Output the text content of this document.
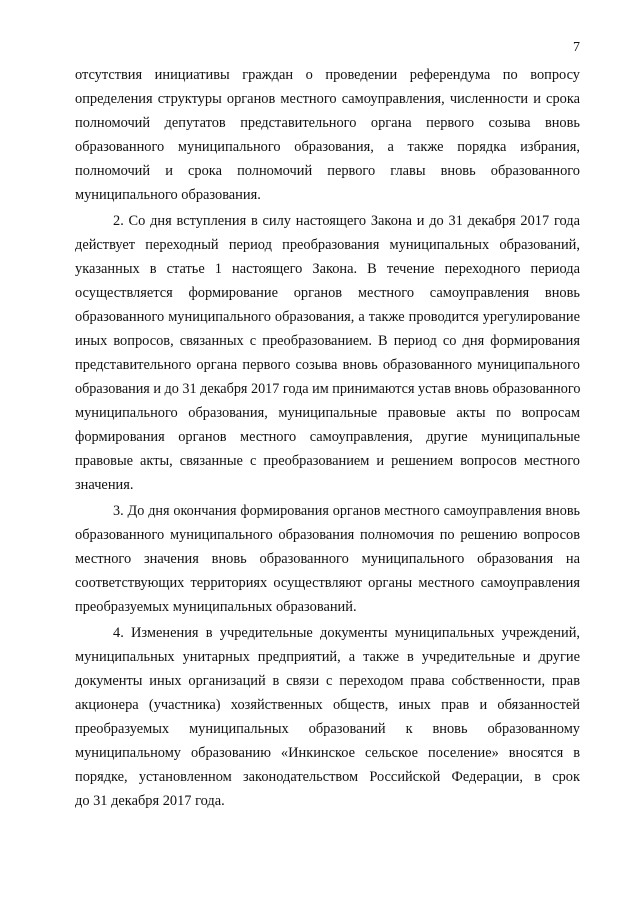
7
отсутствия инициативы граждан о проведении референдума по вопросу
определения структуры органов местного самоуправления, численности и срока
полномочий депутатов представительного органа первого созыва вновь
образованного муниципального образования, а также порядка избрания,
полномочий и срока полномочий первого главы вновь образованного
муниципального образования.
2. Со дня вступления в силу настоящего Закона и до 31 декабря 2017 года
действует переходный период преобразования муниципальных образований,
указанных в статье 1 настоящего Закона. В течение переходного периода
осуществляется формирование органов местного самоуправления вновь
образованного муниципального образования, а также проводится урегулирование
иных вопросов, связанных с преобразованием. В период со дня формирования
представительного органа первого созыва вновь образованного муниципального
образования и до 31 декабря 2017 года им принимаются устав вновь образованного
муниципального образования, муниципальные правовые акты по вопросам
формирования органов местного самоуправления, другие муниципальные
правовые акты, связанные с преобразованием и решением вопросов местного
значения.
3. До дня окончания формирования органов местного самоуправления вновь
образованного муниципального образования полномочия по решению вопросов
местного значения вновь образованного муниципального образования на
соответствующих территориях осуществляют органы местного самоуправления
преобразуемых муниципальных образований.
4. Изменения в учредительные документы муниципальных учреждений,
муниципальных унитарных предприятий, а также в учредительные и другие
документы иных организаций в связи с переходом права собственности, прав
акционера (участника) хозяйственных обществ, иных прав и обязанностей
преобразуемых муниципальных образований к вновь образованному
муниципальному образованию «Инкинское сельское поселение» вносятся в
порядке, установленном законодательством Российской Федерации, в срок
до 31 декабря 2017 года.
